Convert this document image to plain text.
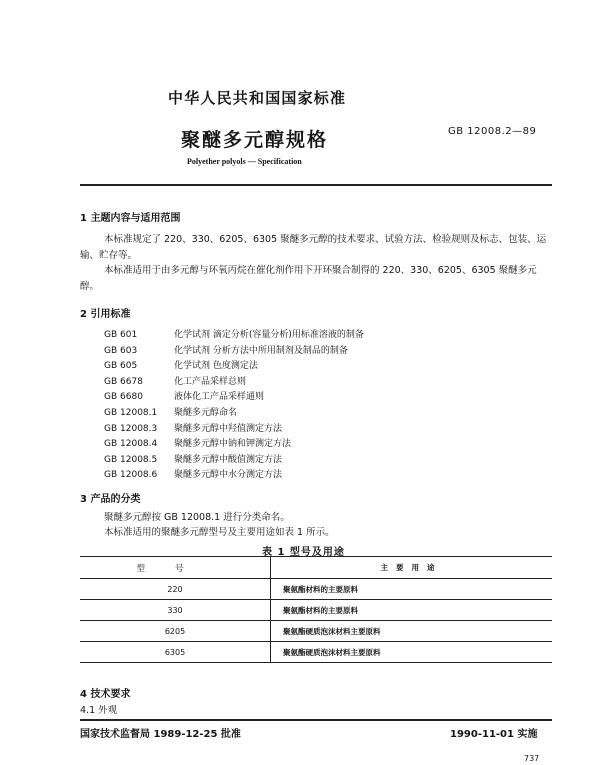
中华人民共和国国家标准
GB 12008.2—89
聚醚多元醇规格
Polyether polyols — Specification
1 主题内容与适用范围
本标准规定了 220、330、6205、6305 聚醚多元醇的技术要求、试验方法、检验规则及标志、包装、运
输、贮存等。
本标准适用于由多元醇与环氧丙烷在催化剂作用下开环聚合制得的 220、330、6205、6305 聚醚多元
醇。
2 引用标准
GB 601	化学试剂 滴定分析(容量分析)用标准溶液的制备
GB 603	化学试剂 分析方法中所用制剂及制品的制备
GB 605	化学试剂 色度测定法
GB 6678	化工产品采样总则
GB 6680	液体化工产品采样通则
GB 12008.1 聚醚多元醇命名
GB 12008.3 聚醚多元醇中羟值测定方法
GB 12008.4 聚醚多元醇中钠和钾测定方法
GB 12008.5 聚醚多元醇中酸值测定方法
GB 12008.6 聚醚多元醇中水分测定方法
3 产品的分类
聚醚多元醇按 GB 12008.1 进行分类命名。
本标准适用的聚醚多元醇型号及主要用途如表 1 所示。
表 1 型号及用途
型号	主要用途
220	聚氨酯材料的主要原料
330	聚氨酯材料的主要原料
6205	聚氨酯硬质泡沫材料主要原料
6305	聚氨酯硬质泡沫材料主要原料
4 技术要求
4.1 外观
国家技术监督局 1989-12-25 批准	1990-11-01 实施
737
